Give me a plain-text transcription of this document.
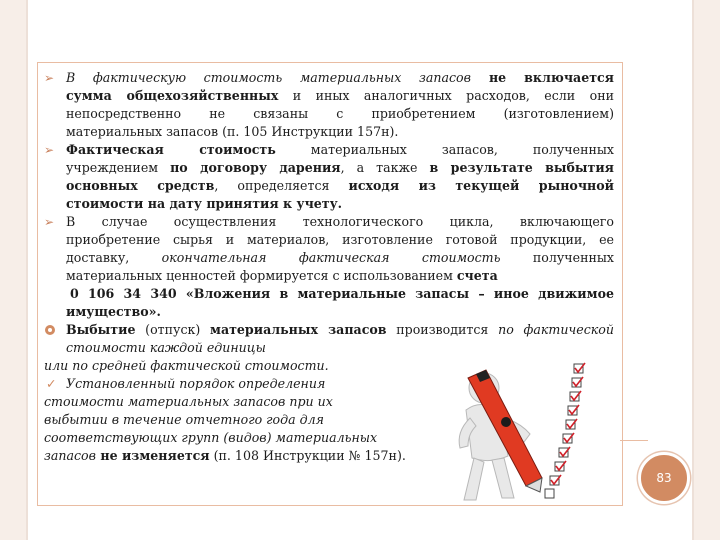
➢ В фактическую стоимость материальных запасов не включается
сумма общехозяйственных и иных аналогичных расходов, если они
непосредственно не связаны с приобретением (изготовлением)
материальных запасов (п. 105 Инструкции 157н).
➢ Фактическая стоимость материальных запасов, полученных
учреждением по договору дарения, а также в результате выбытия
основных средств, определяется исходя из текущей рыночной
стоимости на дату принятия к учету.
➢ В случае осуществления технологического цикла, включающего
приобретение сырья и материалов, изготовление готовой продукции, ее
доставку, окончательная фактическая стоимость полученных
материальных ценностей формируется с использованием счета
0 106 34 340 «Вложения в материальные запасы – иное движимое
имущество».
Выбытие (отпуск) материальных запасов производится по фактической
стоимости каждой единицы
или по средней фактической стоимости.
✓ Установленный порядок определения
стоимости материальных запасов при их
выбытии в течение отчетного года для
соответствующих групп (видов) материальных
запасов не изменяется (п. 108 Инструкции № 157н).
83
